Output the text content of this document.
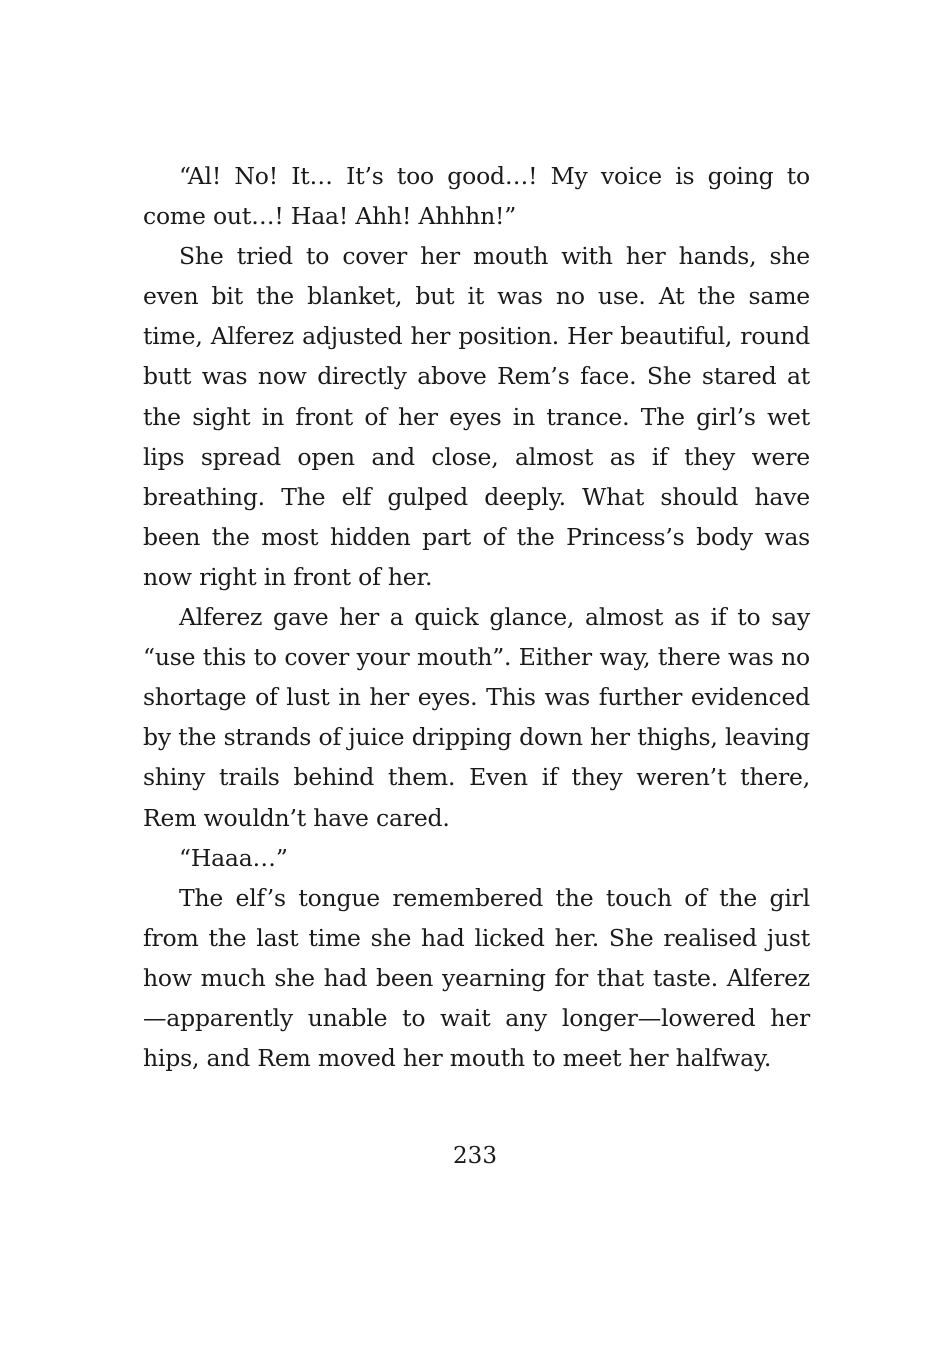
“Al! No! It… It’s too good…! My voice is going to come out…! Haa! Ahh! Ahhhn!”

She tried to cover her mouth with her hands, she even bit the blanket, but it was no use. At the same time, Alferez adjusted her position. Her beautiful, round butt was now directly above Rem’s face. She stared at the sight in front of her eyes in trance. The girl’s wet lips spread open and close, almost as if they were breathing. The elf gulped deeply. What should have been the most hidden part of the Princess’s body was now right in front of her.

Alferez gave her a quick glance, almost as if to say “use this to cover your mouth”. Either way, there was no shortage of lust in her eyes. This was further evidenced by the strands of juice dripping down her thighs, leaving shiny trails behind them. Even if they weren’t there, Rem wouldn’t have cared.

“Haaa…”

The elf’s tongue remembered the touch of the girl from the last time she had licked her. She realised just how much she had been yearning for that taste. Alferez—apparently unable to wait any longer—lowered her hips, and Rem moved her mouth to meet her halfway.

233
